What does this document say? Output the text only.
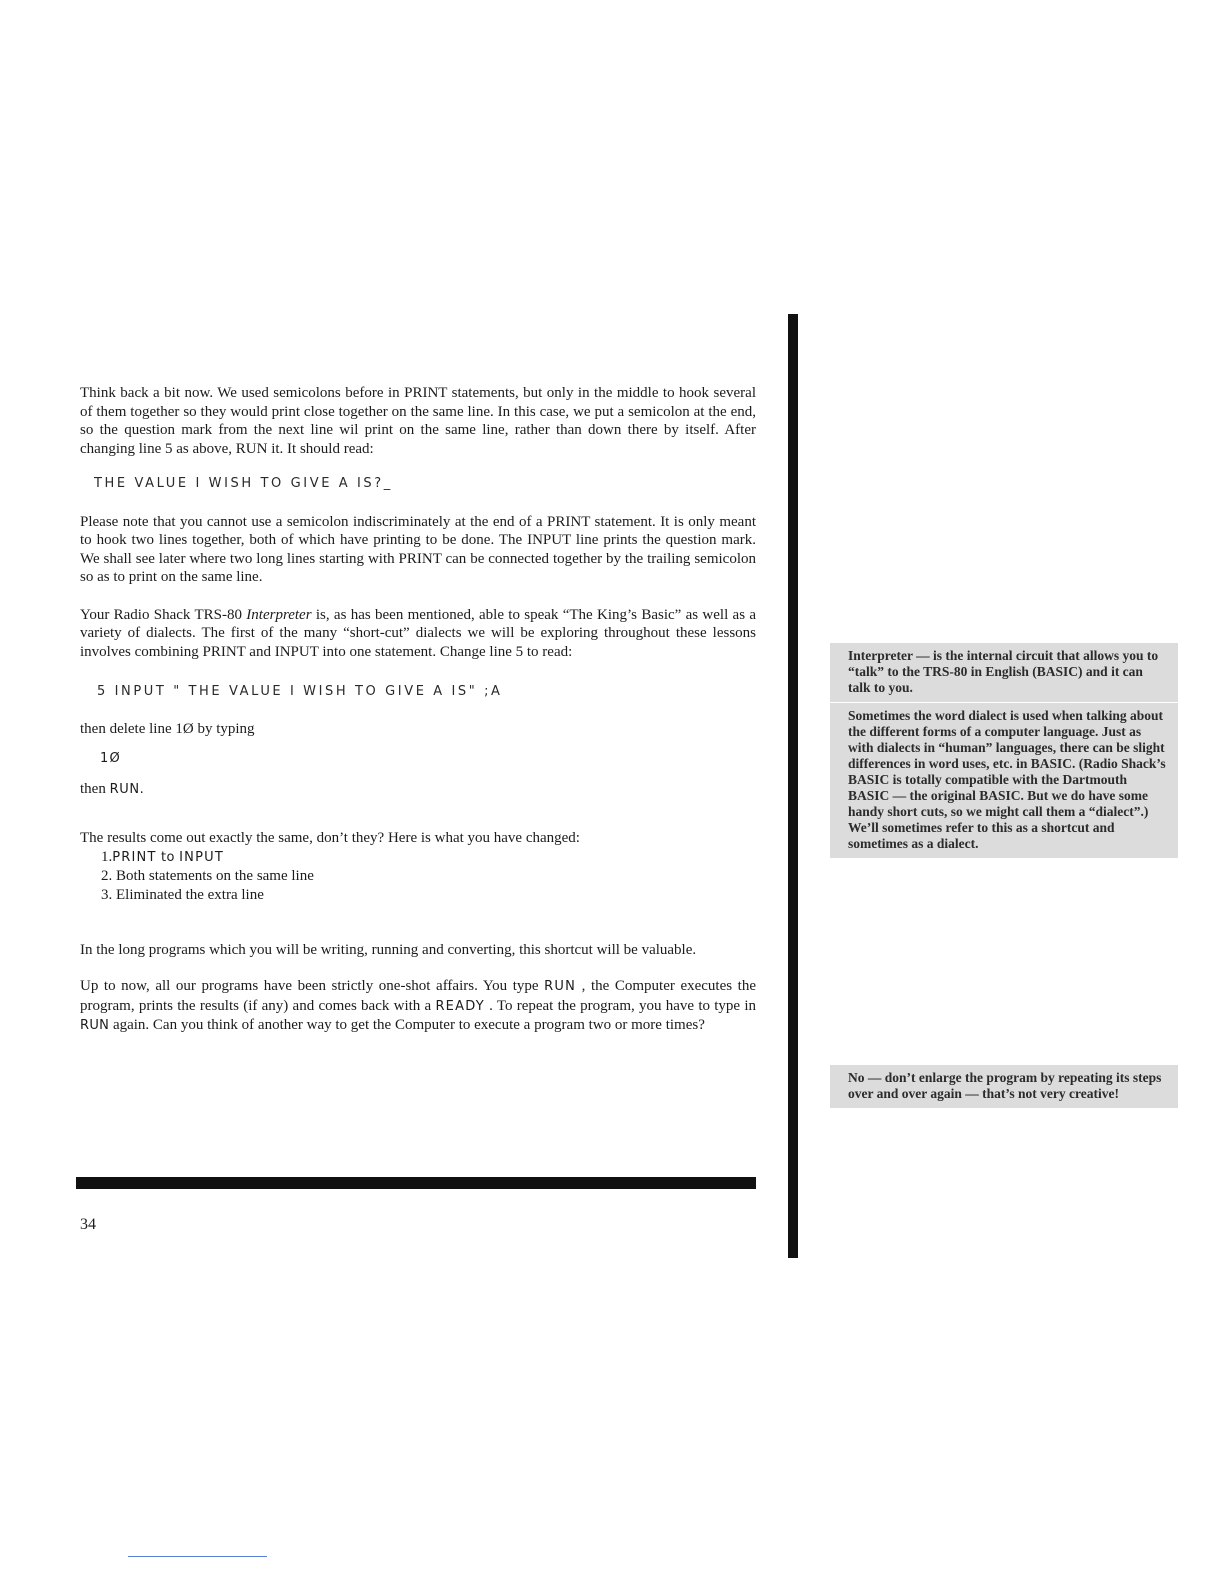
Think back a bit now. We used semicolons before in PRINT statements, but only in the middle to hook several of them together so they would print close together on the same line. In this case, we put a semicolon at the end, so the question mark from the next line wil print on the same line, rather than down there by itself. After changing line 5 as above, RUN it. It should read:

THE VALUE I WISH TO GIVE A IS?_

Please note that you cannot use a semicolon indiscriminately at the end of a PRINT statement. It is only meant to hook two lines together, both of which have printing to be done. The INPUT line prints the question mark. We shall see later where two long lines starting with PRINT can be connected together by the trailing semicolon so as to print on the same line.

Your Radio Shack TRS-80 Interpreter is, as has been mentioned, able to speak “The King’s Basic” as well as a variety of dialects. The first of the many “short-cut” dialects we will be exploring throughout these lessons involves combining PRINT and INPUT into one statement. Change line 5 to read:

5 INPUT " THE VALUE I WISH TO GIVE A IS" ;A

then delete line 1Ø by typing

1Ø

then RUN.

The results come out exactly the same, don’t they? Here is what you have changed:

1.PRINT to INPUT
2. Both statements on the same line
3. Eliminated the extra line

In the long programs which you will be writing, running and converting, this shortcut will be valuable.

Up to now, all our programs have been strictly one-shot affairs. You type RUN , the Computer executes the program, prints the results (if any) and comes back with a READY . To repeat the program, you have to type in RUN again. Can you think of another way to get the Computer to execute a program two or more times?

34
Interpreter — is the internal circuit that allows you to “talk” to the TRS-80 in English (BASIC) and it can talk to you.
Sometimes the word dialect is used when talking about the different forms of a computer language. Just as with dialects in “human” languages, there can be slight differences in word uses, etc. in BASIC. (Radio Shack’s BASIC is totally compatible with the Dartmouth BASIC — the original BASIC. But we do have some handy short cuts, so we might call them a “dialect”.) We’ll sometimes refer to this as a shortcut and sometimes as a dialect.
No — don’t enlarge the program by repeating its steps over and over again — that’s not very creative!
